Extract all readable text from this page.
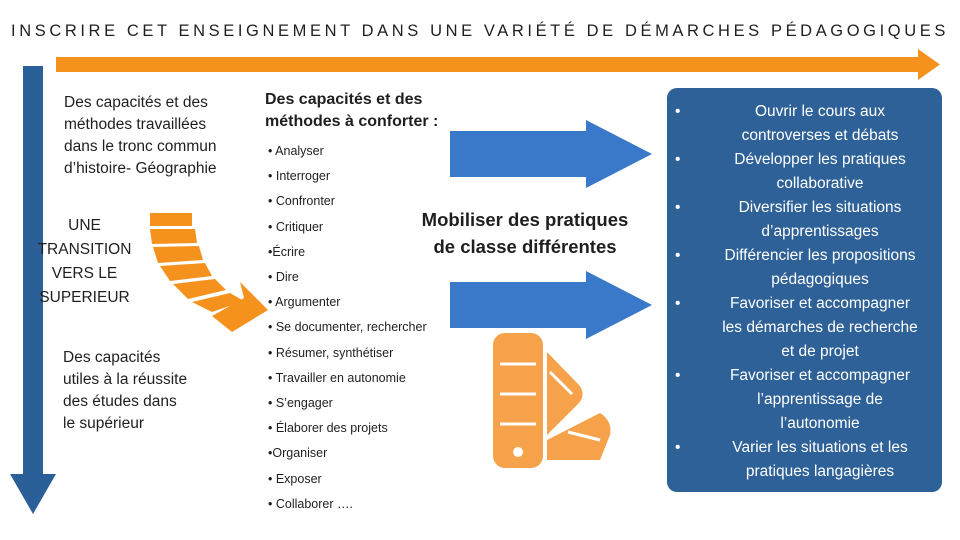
INSCRIRE CET ENSEIGNEMENT DANS UNE VARIÉTÉ DE DÉMARCHES PÉDAGOGIQUES
Des capacités et des
méthodes travaillées
dans le tronc commun
d’histoire- Géographie
UNE
TRANSITION
VERS LE
SUPERIEUR
Des capacités
utiles à la réussite
des études dans
le supérieur
Des capacités et des
méthodes à conforter :
• Analyser
• Interroger
• Confronter
• Critiquer
•Écrire
• Dire
• Argumenter
• Se documenter, rechercher
• Résumer, synthétiser
• Travailler en autonomie
• S’engager
• Élaborer des projets
•Organiser
• Exposer
• Collaborer ….
Mobiliser des pratiques
de classe différentes
•	Ouvrir le cours aux
controverses et débats
•	Développer les pratiques
collaborative
•	Diversifier les situations
d’apprentissages
•	Différencier les propositions
pédagogiques
•	Favoriser et accompagner
les démarches de recherche
et de projet
•	Favoriser et accompagner
l’apprentissage de
l’autonomie
•	Varier les situations et les
pratiques langagières
